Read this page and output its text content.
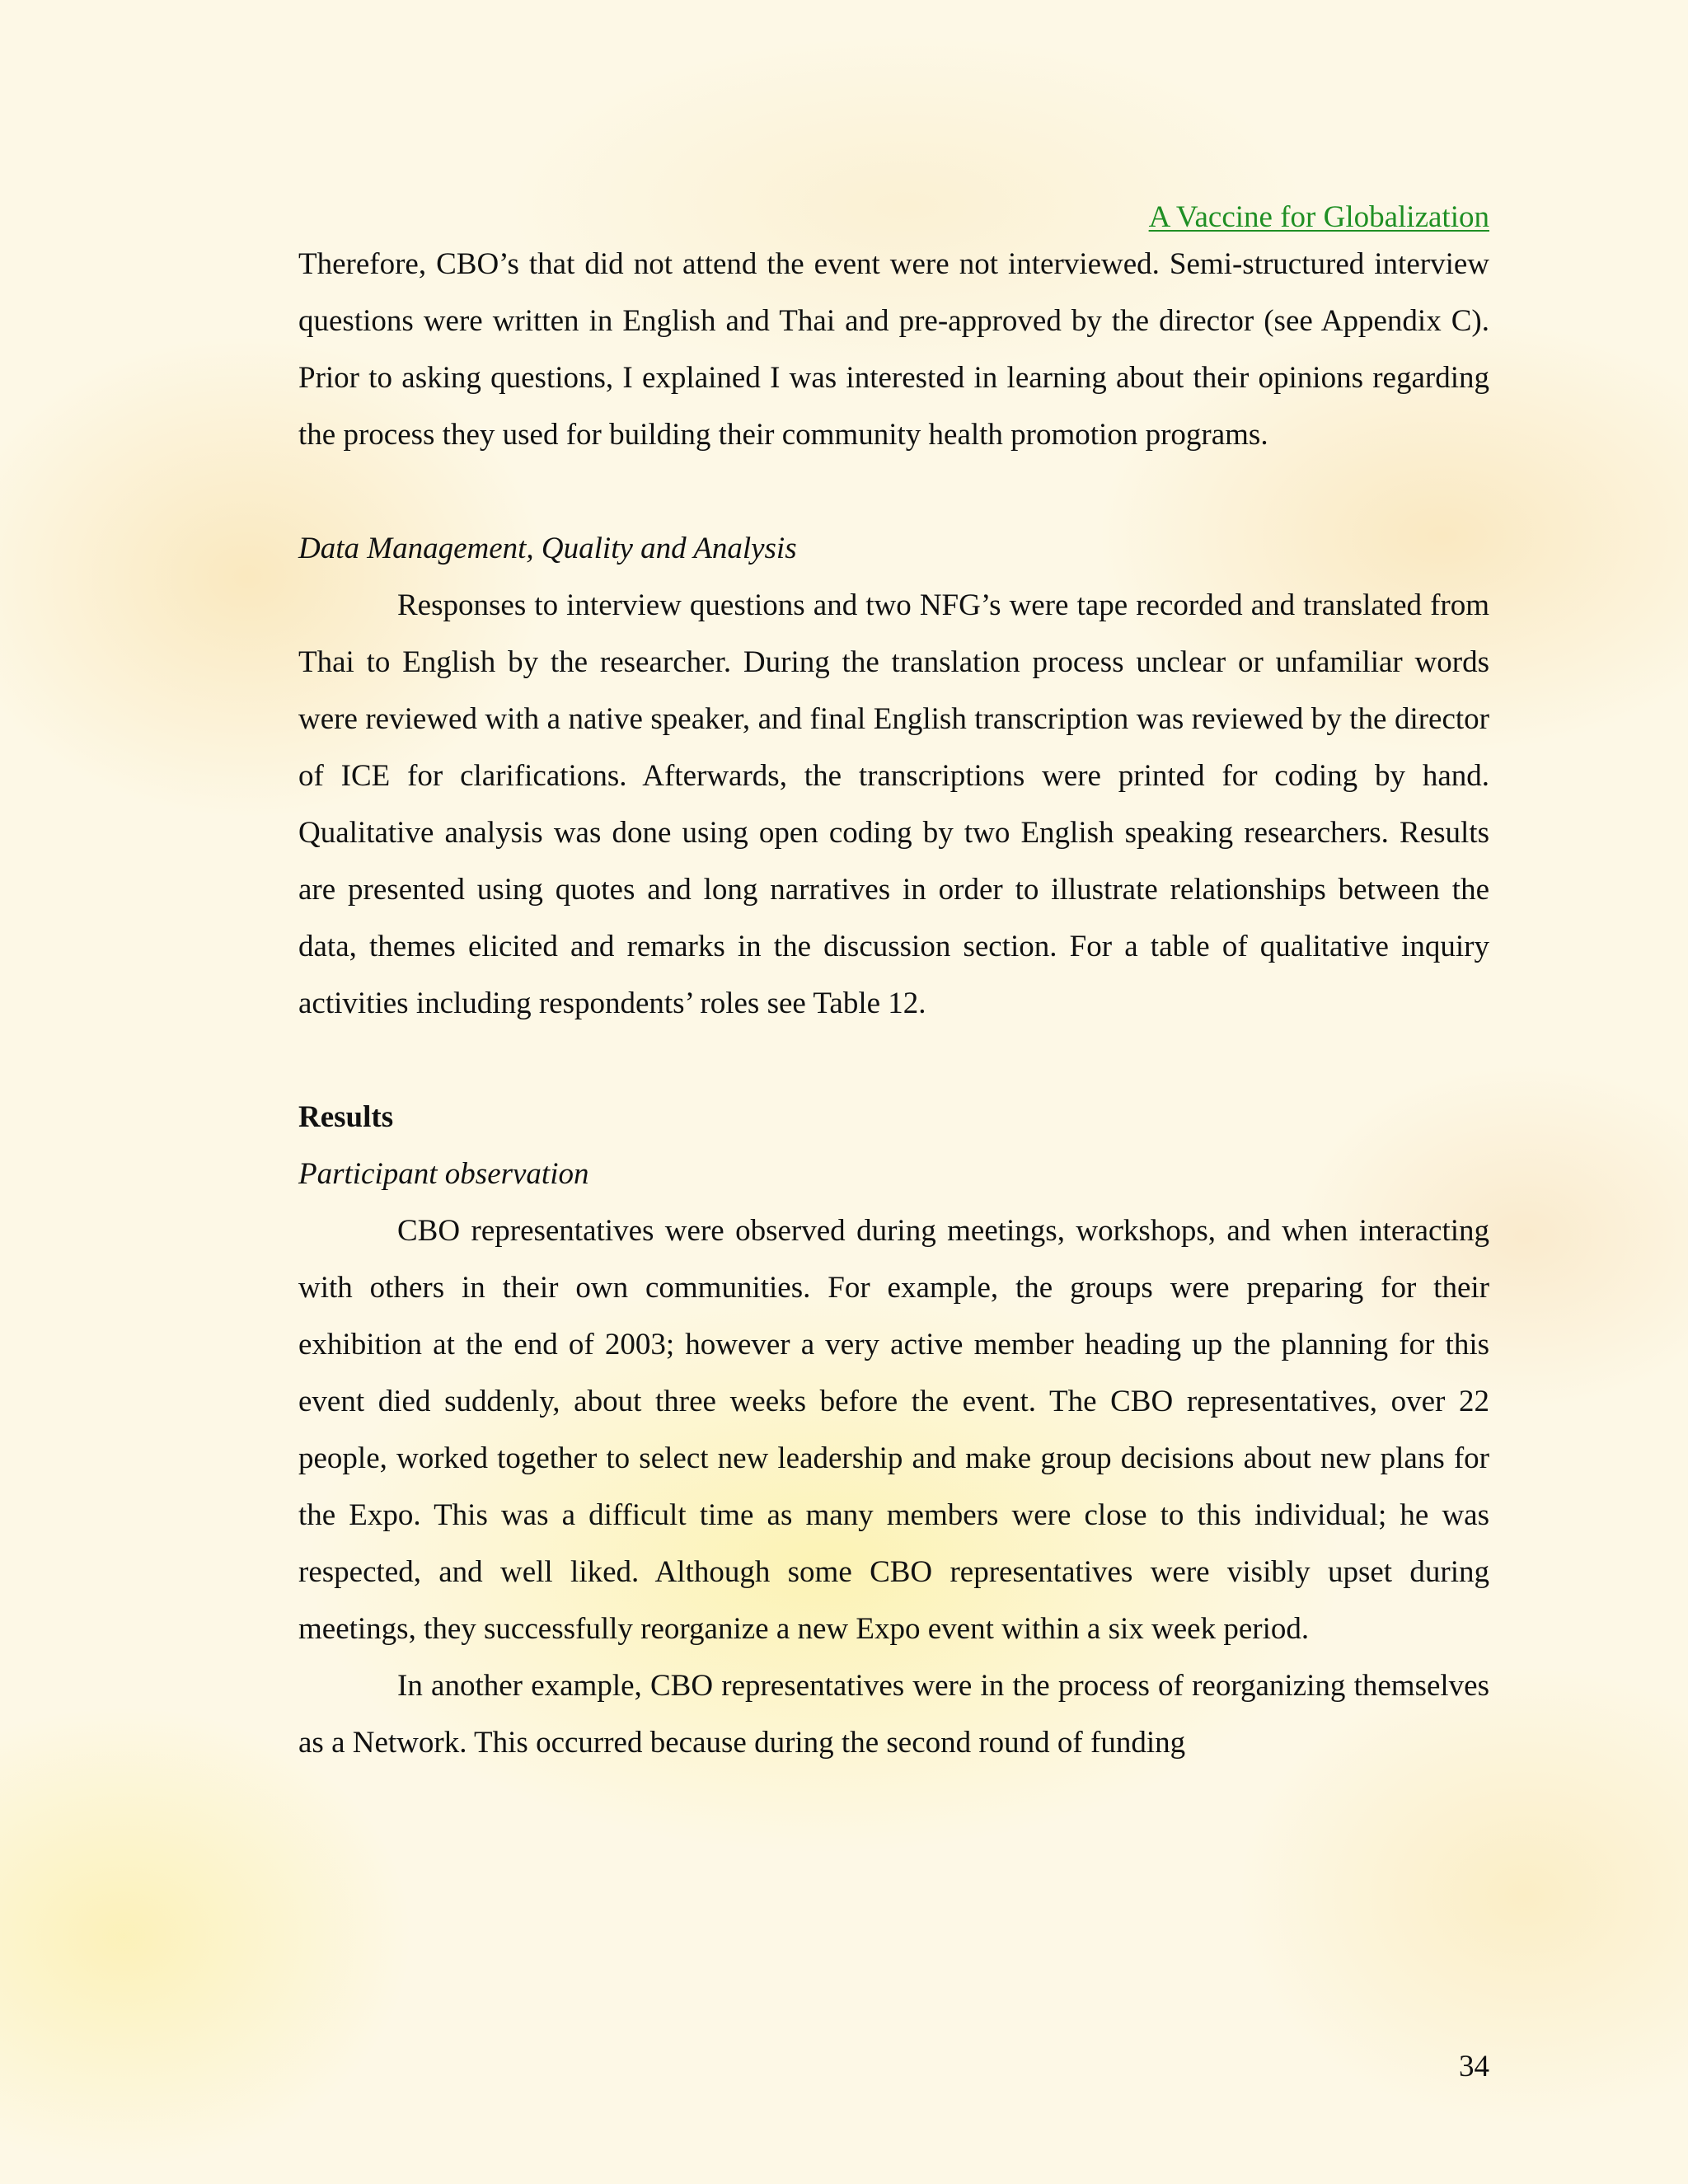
A Vaccine for Globalization

Therefore, CBO’s that did not attend the event were not interviewed. Semi-structured interview questions were written in English and Thai and pre-approved by the director (see Appendix C). Prior to asking questions, I explained I was interested in learning about their opinions regarding the process they used for building their community health promotion programs.

Data Management, Quality and Analysis

Responses to interview questions and two NFG’s were tape recorded and translated from Thai to English by the researcher. During the translation process unclear or unfamiliar words were reviewed with a native speaker, and final English transcription was reviewed by the director of ICE for clarifications. Afterwards, the transcriptions were printed for coding by hand. Qualitative analysis was done using open coding by two English speaking researchers. Results are presented using quotes and long narratives in order to illustrate relationships between the data, themes elicited and remarks in the discussion section. For a table of qualitative inquiry activities including respondents’ roles see Table 12.

Results

Participant observation

CBO representatives were observed during meetings, workshops, and when interacting with others in their own communities. For example, the groups were preparing for their exhibition at the end of 2003; however a very active member heading up the planning for this event died suddenly, about three weeks before the event. The CBO representatives, over 22 people, worked together to select new leadership and make group decisions about new plans for the Expo. This was a difficult time as many members were close to this individual; he was respected, and well liked. Although some CBO representatives were visibly upset during meetings, they successfully reorganize a new Expo event within a six week period.

In another example, CBO representatives were in the process of reorganizing themselves as a Network. This occurred because during the second round of funding

34
